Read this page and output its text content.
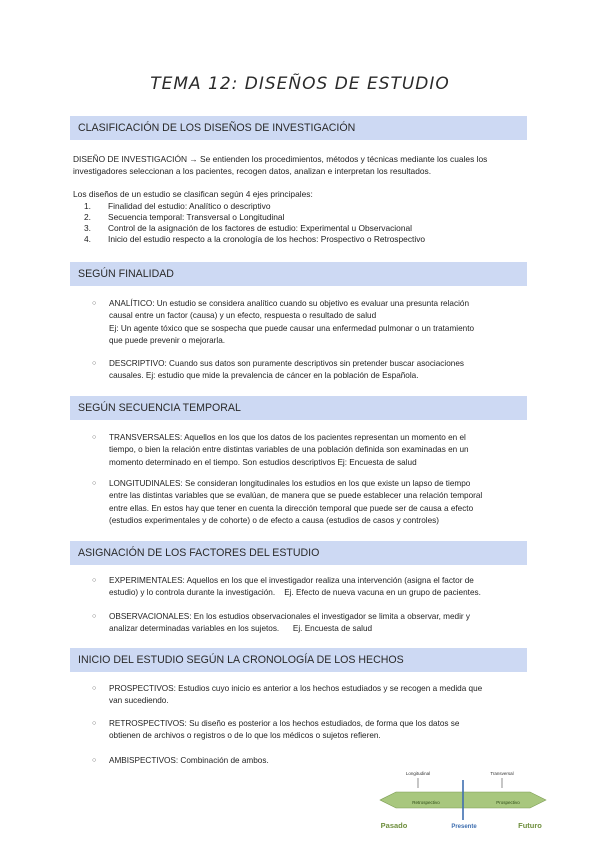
TEMA 12: DISEÑOS DE ESTUDIO
CLASIFICACIÓN DE LOS DISEÑOS DE INVESTIGACIÓN
DISEÑO DE INVESTIGACIÓN → Se entienden los procedimientos, métodos y técnicas mediante los cuales los
investigadores seleccionan a los pacientes, recogen datos, analizan e interpretan los resultados.
Los diseños de un estudio se clasifican según 4 ejes principales:
1. Finalidad del estudio: Analítico o descriptivo
2. Secuencia temporal: Transversal o Longitudinal
3. Control de la asignación de los factores de estudio: Experimental u Observacional
4. Inicio del estudio respecto a la cronología de los hechos: Prospectivo o Retrospectivo
SEGÚN FINALIDAD
○ ANALÍTICO: Un estudio se considera analítico cuando su objetivo es evaluar una presunta relación
causal entre un factor (causa) y un efecto, respuesta o resultado de salud
Ej: Un agente tóxico que se sospecha que puede causar una enfermedad pulmonar o un tratamiento
que puede prevenir o mejorarla.
○ DESCRIPTIVO: Cuando sus datos son puramente descriptivos sin pretender buscar asociaciones
causales. Ej: estudio que mide la prevalencia de cáncer en la población de Española.
SEGÚN SECUENCIA TEMPORAL
○ TRANSVERSALES: Aquellos en los que los datos de los pacientes representan un momento en el
tiempo, o bien la relación entre distintas variables de una población definida son examinadas en un
momento determinado en el tiempo. Son estudios descriptivos Ej: Encuesta de salud
○ LONGITUDINALES: Se consideran longitudinales los estudios en los que existe un lapso de tiempo
entre las distintas variables que se evalúan, de manera que se puede establecer una relación temporal
entre ellas. En estos hay que tener en cuenta la dirección temporal que puede ser de causa a efecto
(estudios experimentales y de cohorte) o de efecto a causa (estudios de casos y controles)
ASIGNACIÓN DE LOS FACTORES DEL ESTUDIO
○ EXPERIMENTALES: Aquellos en los que el investigador realiza una intervención (asigna el factor de
estudio) y lo controla durante la investigación.    Ej. Efecto de nueva vacuna en un grupo de pacientes.
○ OBSERVACIONALES: En los estudios observacionales el investigador se limita a observar, medir y
analizar determinadas variables en los sujetos.      Ej. Encuesta de salud
INICIO DEL ESTUDIO SEGÚN LA CRONOLOGÍA DE LOS HECHOS
○ PROSPECTIVOS: Estudios cuyo inicio es anterior a los hechos estudiados y se recogen a medida que
van sucediendo.
○ RETROSPECTIVOS: Su diseño es posterior a los hechos estudiados, de forma que los datos se
obtienen de archivos o registros o de lo que los médicos o sujetos refieren.
○ AMBISPECTIVOS: Combinación de ambos.
Longitudinal	Transversal
Retrospectivo	Prospectivo
Pasado	Presente	Futuro
